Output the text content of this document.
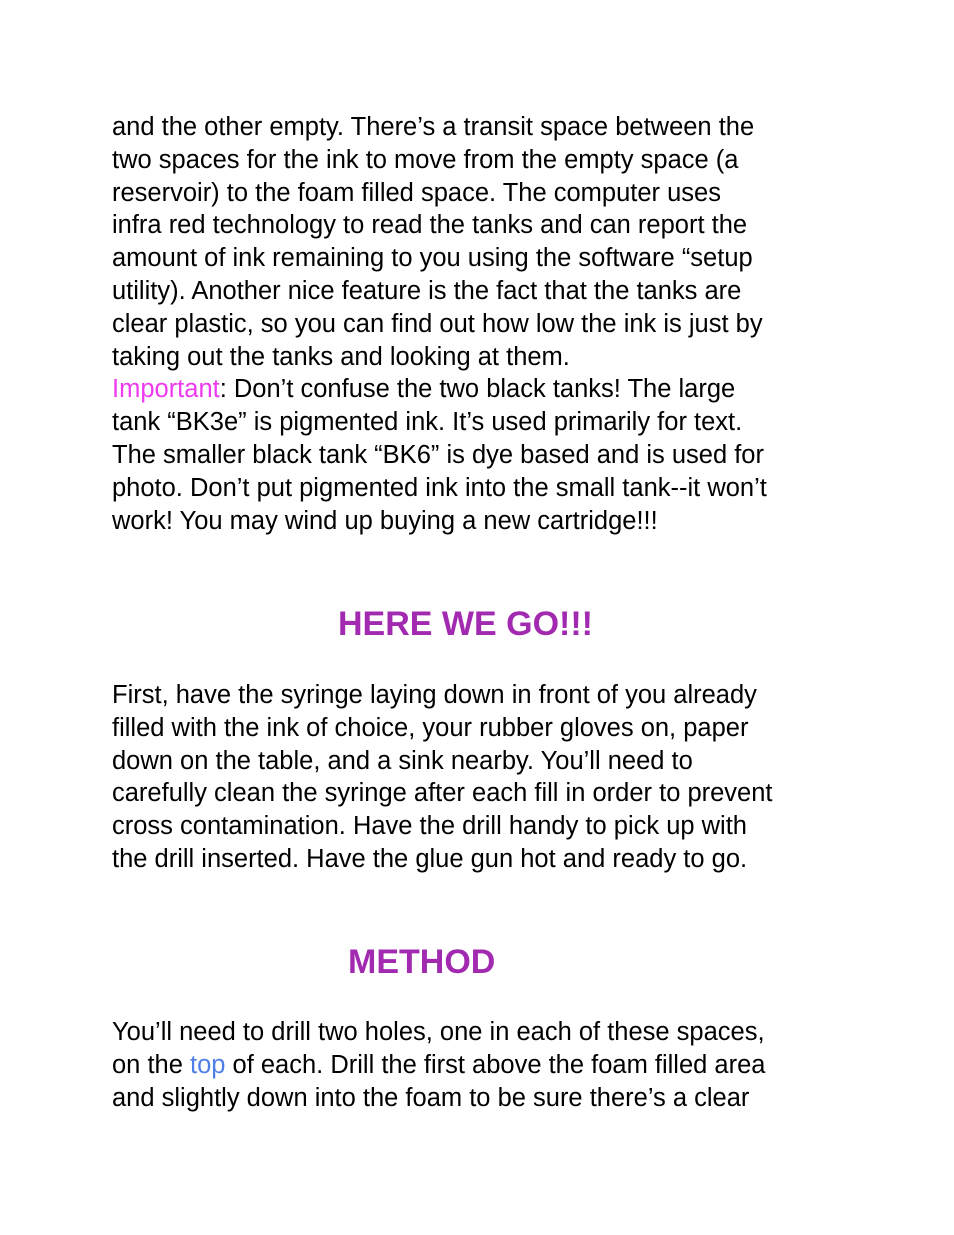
and the other empty. There’s a transit space between the
two spaces for the ink to move from the empty space (a
reservoir) to the foam filled space. The computer uses
infra red technology to read the tanks and can report the
amount of ink remaining to you using the software “setup
utility). Another nice feature is the fact that the tanks are
clear plastic, so you can find out how low the ink is just by
taking out the tanks and looking at them.
Important: Don’t confuse the two black tanks! The large
tank “BK3e” is pigmented ink. It’s used primarily for text.
The smaller black tank “BK6” is dye based and is used for
photo. Don’t put pigmented ink into the small tank--it won’t
work! You may wind up buying a new cartridge!!!
HERE WE GO!!!
First, have the syringe laying down in front of you already
filled with the ink of choice, your rubber gloves on, paper
down on the table, and a sink nearby. You’ll need to
carefully clean the syringe after each fill in order to prevent
cross contamination. Have the drill handy to pick up with
the drill inserted. Have the glue gun hot and ready to go.
METHOD
You’ll need to drill two holes, one in each of these spaces,
on the top of each. Drill the first above the foam filled area
and slightly down into the foam to be sure there’s a clear
